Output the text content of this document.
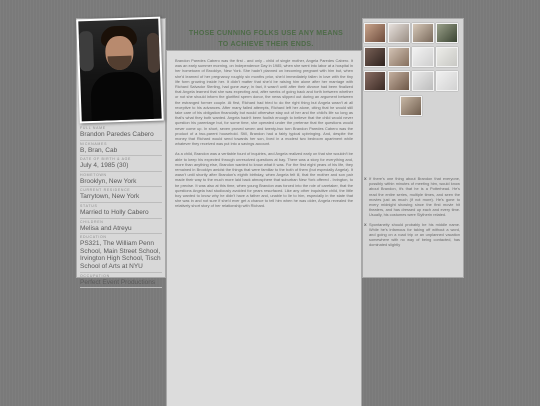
Brandon Paredes Cabero was the first - and only - child of single mother, Angela Paredes Cabero. It was an early summer morning, on Independence Day in 1985, when she went into labor at a hospital in her hometown of Brooklyn, New York. She hadn't planned on becoming pregnant with him but, when she'd learned of her pregnancy roughly six months prior, she'd immediately fallen in love with the tiny life form growing inside her. It didn't matter that she'd be raising him alone after her marriage with Richard Salvador Sterling, had gone awry; in fact, it wasn't until after their divorce had been finalized that Angela learned that she was expecting and, after weeks of going back and forth between whether or not she should inform the glorified sperm donor, the news slipped out during an argument between the estranged former couple. At first, Richard had tried to do the right thing but Angela wasn't at all receptive to his advances. After many failed attempts, Richard left her alone, citing that he would still take care of his obligation financially but would otherwise stay out of her and the child's life so long as that's what they both wanted. Angela hadn't been foolish enough to believe that the child would never question his parentage but, for some time, she operated under the pretense that the questions would never come up. In short, seven proved seven and twenty-two turn Brandon Paredes Cabero was the product of a two-parent household. Still, Brandon had a fairly typical upbringing. And, despite the money that Richard would send towards her son, lived in a modest two bedroom apartment while whatever they received was put into a savings account.

As a child, Brandon was a veritable fount of inquiries, and Angela realized early on that she wouldn't be able to keep his expected through unresolved questions at bay. There was a story for everything and, more than anything else, Brandon wanted to know what it was. For the first eight years of his life, they remained in Brooklyn amidst the things that were familiar to the both of them (but especially Angela). It wasn't until shortly after Brandon's eighth birthday, when Angela felt ill, that the mother and son pair made their way to the much more laid back atmosphere that suburban New York offered - Irvington, to be precise. It was also at this time, when young Brandon was forced into the role of caretaker, that the questions Angela had studiously avoided for years resurfaced. Like any other inquisitive child, the little boy wanted to know why he didn't have a father and, unable to lie to him, especially in the state that she was in and not sure if she'd ever get a chance to tell him when he was older, Angela revealed the relatively short story of her relationship with Richard.

FULL NAME
Brandon Paredes Cabero
NICKNAMES
B, Bran, Cab
DATE OF BIRTH & AGE
July 4, 1985 (30)
HOMETOWN
Brooklyn, New York
CURRENT RESIDENCE
Tarrytown, New York
STATUS
Married to Holly Cabero
CHILDREN
Melisa and Atreyu
EDUCATION
PS321, The William Penn School, Main Street School, Irvington High School, Tisch School of Arts at NYU
OCCUPATION
Perfect Event Productions
THOSE CUNNING FOLKS USE ANY MEANS TO ACHIEVE THEIR ENDS.
X If there's one thing about Brandon that everyone, possibly within minutes of meeting him, would know about Brandon, it's that he is a Potterhead. He's read the entire series, multiple times, and seen the movies just as much (if not more). He's gone to every midnight showing since the first movie hit theaters, and has dressed up each and every time. Usually, his costumes were Slytherin related.
X Spontaneity should probably be his middle name. While he's infamous for taking off without a word, and going on a road trip or an unplanned vacation somewhere with no way of being contacted, has dominated slightly
